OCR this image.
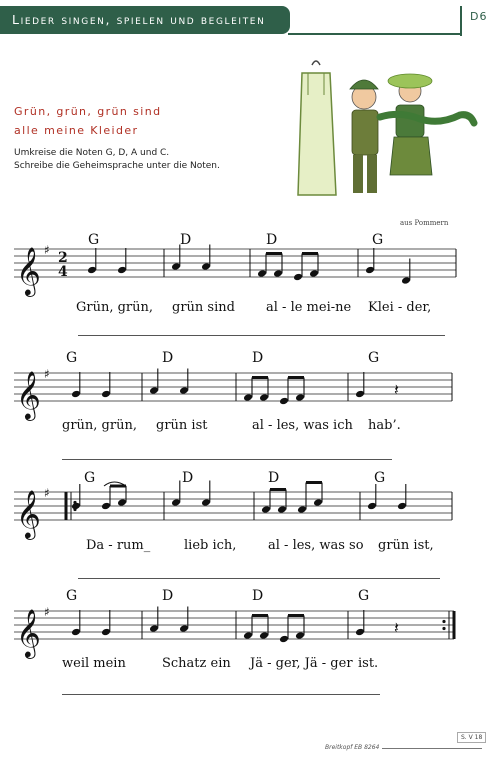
Lieder singen, spielen und begleiten	D6
Grün, grün, grün sind
alle meine Kleider
Umkreise die Noten G, D, A und C.
Schreibe die Geheimsprache unter die Noten.
aus Pommern
𝄞 ♯ 2
4
𝄞 ♯
𝄽
𝄞 ♯
𝄞 ♯
𝄽
G	D	D	G
Grün, grün, grün sind al - le mei-ne Klei - der,
G	D	D	G
grün, grün, grün ist	al - les, was ich hab’.
G	D	D	G
Da - rum_	lieb ich, al - les, was so grün ist,
G	D	D	G
weil mein	Schatz ein Jä - ger, Jä - ger ist.
Breitkopf EB 8264
S. V 18
